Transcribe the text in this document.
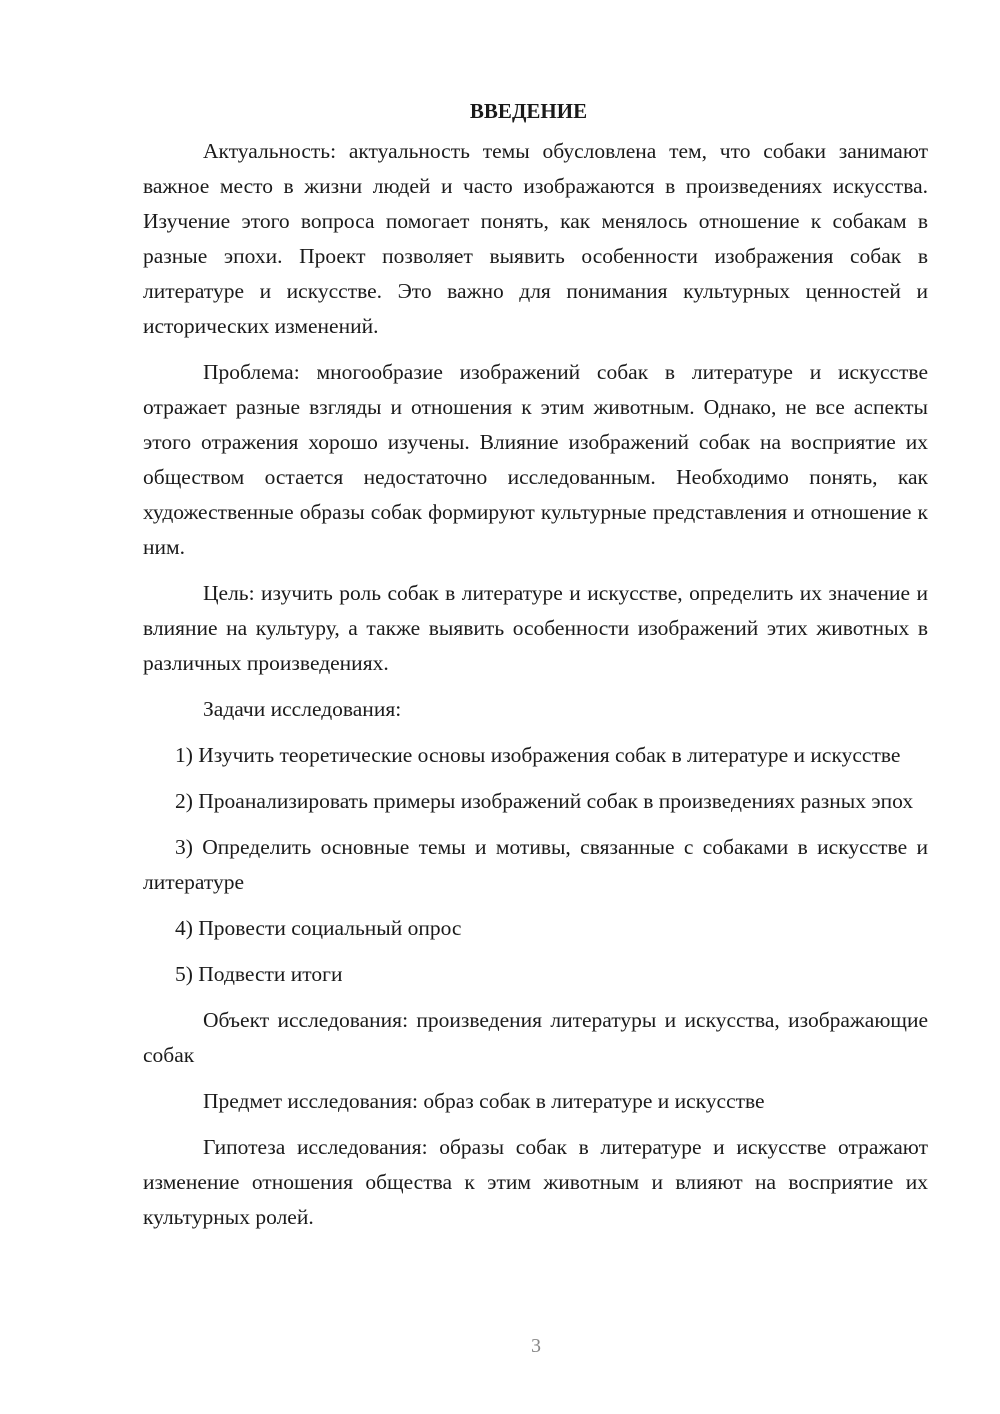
ВВЕДЕНИЕ

Актуальность: актуальность темы обусловлена тем, что собаки занимают важное место в жизни людей и часто изображаются в произведениях искусства. Изучение этого вопроса помогает понять, как менялось отношение к собакам в разные эпохи. Проект позволяет выявить особенности изображения собак в литературе и искусстве. Это важно для понимания культурных ценностей и исторических изменений.

Проблема: многообразие изображений собак в литературе и искусстве отражает разные взгляды и отношения к этим животным. Однако, не все аспекты этого отражения хорошо изучены. Влияние изображений собак на восприятие их обществом остается недостаточно исследованным. Необходимо понять, как художественные образы собак формируют культурные представления и отношение к ним.

Цель: изучить роль собак в литературе и искусстве, определить их значение и влияние на культуру, а также выявить особенности изображений этих животных в различных произведениях.

Задачи исследования:

1) Изучить теоретические основы изображения собак в литературе и искусстве

2) Проанализировать примеры изображений собак в произведениях разных эпох

3) Определить основные темы и мотивы, связанные с собаками в искусстве и литературе

4) Провести социальный опрос

5) Подвести итоги

Объект исследования: произведения литературы и искусства, изображающие собак

Предмет исследования: образ собак в литературе и искусстве

Гипотеза исследования: образы собак в литературе и искусстве отражают изменение отношения общества к этим животным и влияют на восприятие их культурных ролей.

3
